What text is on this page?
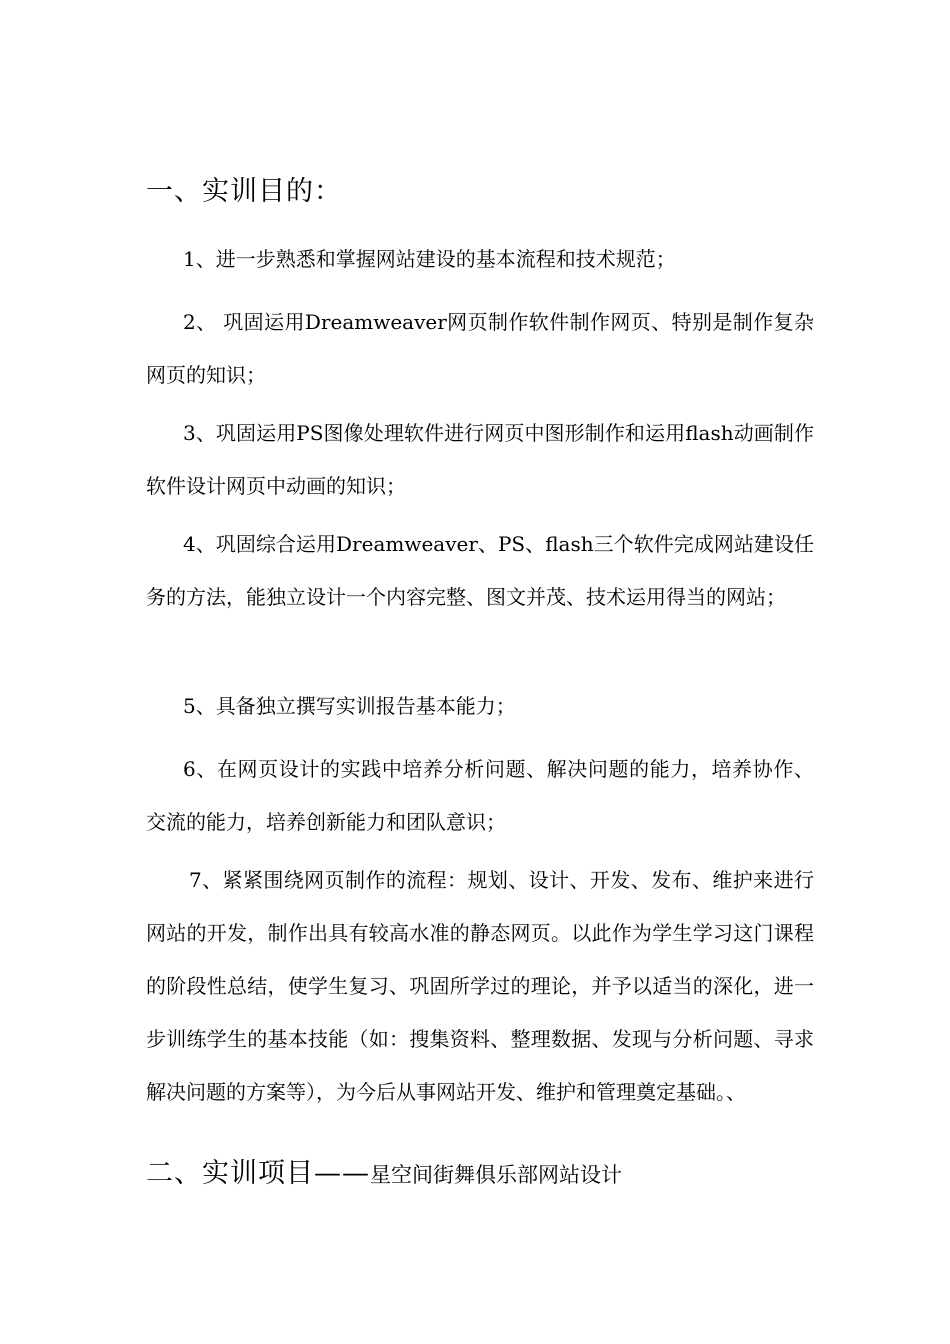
一、实训目的：
1、进一步熟悉和掌握网站建设的基本流程和技术规范；
2、 巩固运用Dreamweaver网页制作软件制作网页、特别是制作复杂网页的知识；
3、巩固运用PS图像处理软件进行网页中图形制作和运用flash动画制作软件设计网页中动画的知识；
4、巩固综合运用Dreamweaver、PS、flash三个软件完成网站建设任务的方法，能独立设计一个内容完整、图文并茂、技术运用得当的网站；
5、具备独立撰写实训报告基本能力；
6、在网页设计的实践中培养分析问题、解决问题的能力，培养协作、交流的能力，培养创新能力和团队意识；
7、紧紧围绕网页制作的流程：规划、设计、开发、发布、维护来进行网站的开发，制作出具有较高水准的静态网页。以此作为学生学习这门课程的阶段性总结，使学生复习、巩固所学过的理论，并予以适当的深化，进一步训练学生的基本技能（如：搜集资料、整理数据、发现与分析问题、寻求解决问题的方案等），为今后从事网站开发、维护和管理奠定基础。、
二、实训项目——星空间街舞俱乐部网站设计
